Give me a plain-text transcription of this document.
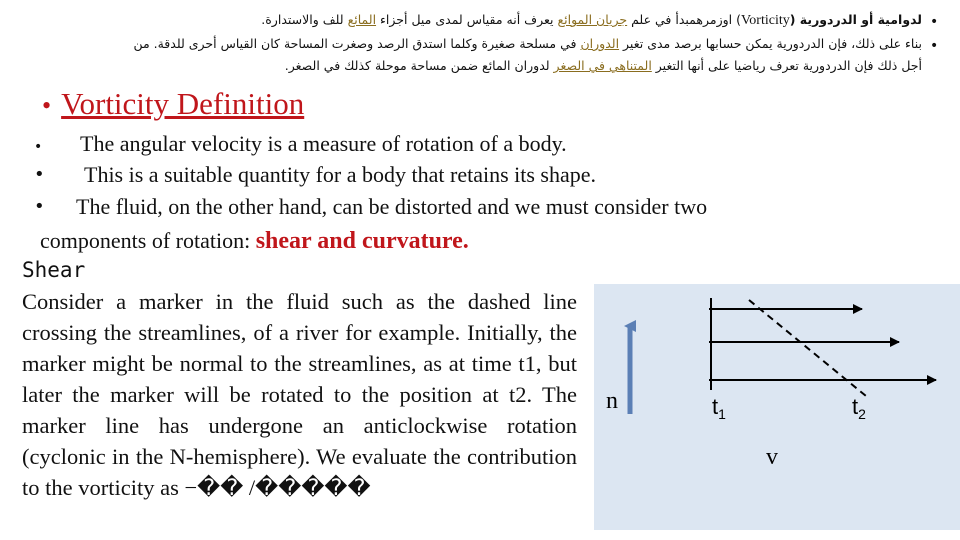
•
لدوامية أو الدردورية (Vorticity) اوزمرهمبدأ في علم جريان الموائع يعرف أنه مقياس لمدى ميل أجزاء المائع للف والاستدارة.
•
بناء على ذلك، فإن الدردورية يمكن حسابها برصد مدى تغير الدوران في مسلحة صغيرة وكلما استدق الرصد وصغرت المساحة كان القياس أحرى للدقة. من
أجل ذلك فإن الدردورية تعرف رياضيا على أنها التغير المتناهي في الصغر لدوران المائع ضمن مساحة موحلة كذلك في الصغر.
• Vorticity Definition
• The angular velocity is a measure of rotation of a body.
• This is a suitable quantity for a body that retains its shape.
• The fluid, on the other hand, can be distorted and we must consider two
components of rotation: shear and curvature.
Shear
Consider a marker in the fluid such as the dashed line crossing the streamlines, of a river for example. Initially, the marker might be normal to the streamlines, as at time t1, but later the marker will be rotated to the position at t2. The marker line has undergone an anticlockwise rotation (cyclonic in the N-hemisphere). We evaluate the contribution to the vorticity as −�� /�����
n	$t_1$	$t_2$
v
